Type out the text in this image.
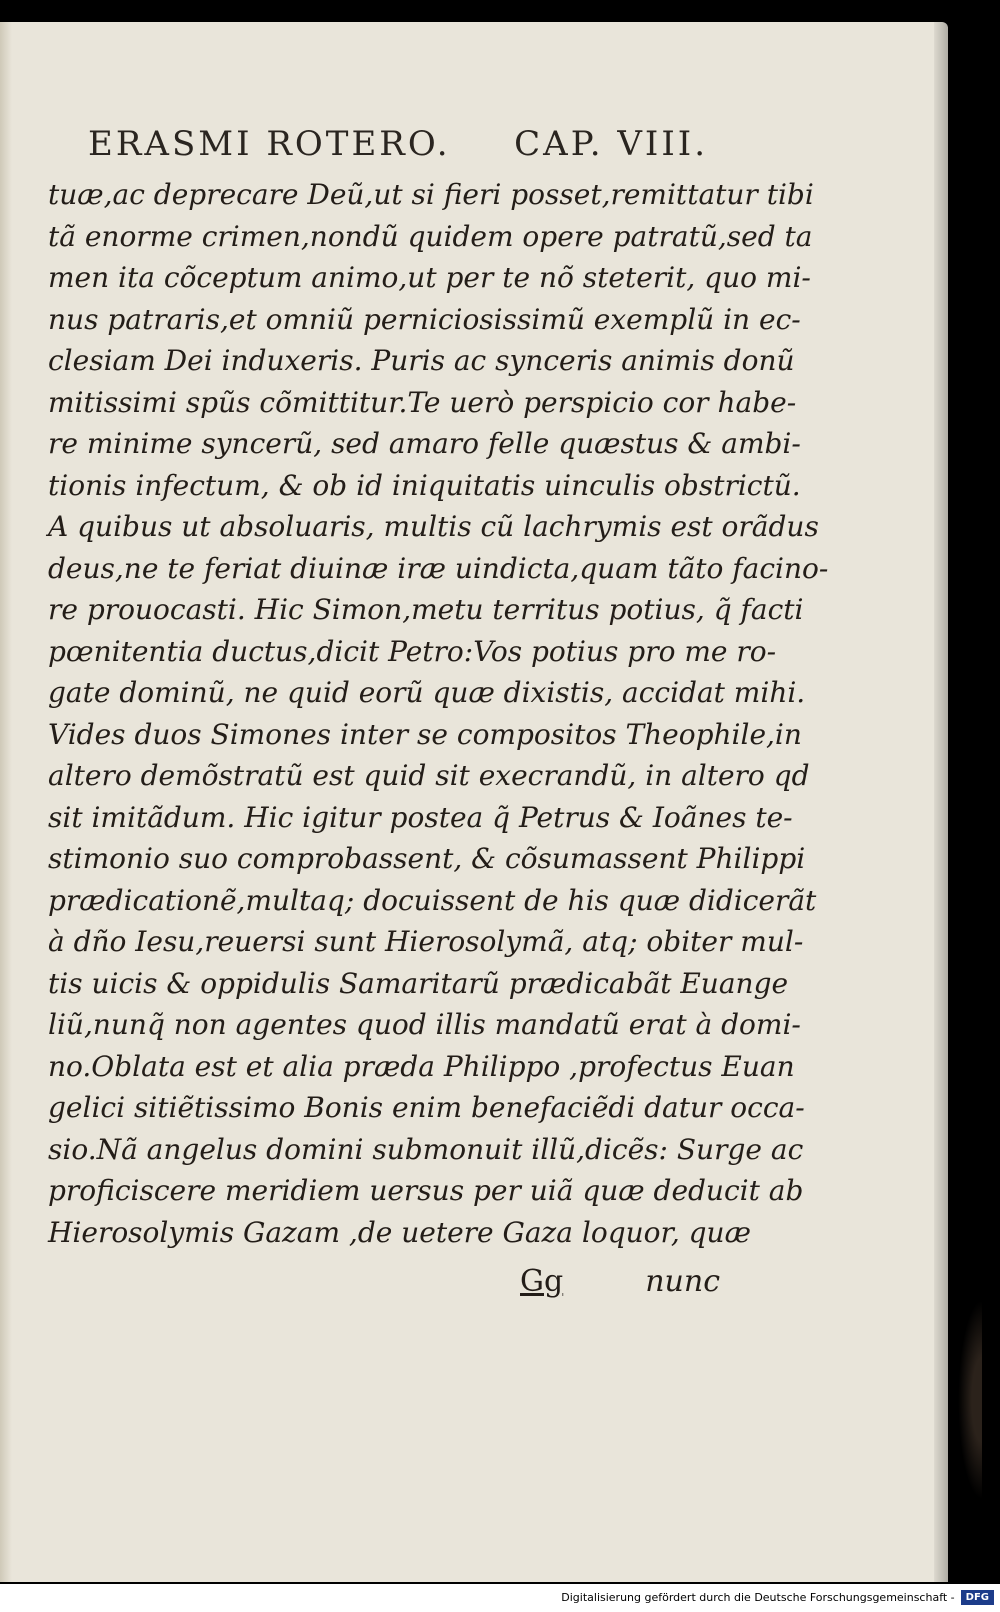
ERASMI ROTERO. CAP. VIII.
tuæ,ac deprecare Deũ,ut si fieri posset,remittatur tibi
tã enorme crimen,nondũ quidem opere patratũ,sed ta
men ita cõceptum animo,ut per te nõ steterit, quo mi-
nus patraris,et omniũ perniciosissimũ exemplũ in ec-
clesiam Dei induxeris. Puris ac synceris animis donũ
mitissimi spũs cõmittitur.Te uerò perspicio cor habe-
re minime syncerũ, sed amaro felle quæstus & ambi-
tionis infectum, & ob id iniquitatis uinculis obstrictũ.
A quibus ut absoluaris, multis cũ lachrymis est orãdus
deus,ne te feriat diuinæ iræ uindicta,quam tãto facino-
re prouocasti. Hic Simon,metu territus potius, q̃ facti
pœnitentia ductus,dicit Petro:Vos potius pro me ro-
gate dominũ, ne quid eorũ quæ dixistis, accidat mihi.
Vides duos Simones inter se compositos Theophile,in
altero demõstratũ est quid sit execrandũ, in altero qd
sit imitãdum. Hic igitur postea q̃ Petrus & Ioãnes te-
stimonio suo comprobassent, & cõsumassent Philippi
prædicationẽ,multaq; docuissent de his quæ didicerãt
à dño Iesu,reuersi sunt Hierosolymã, atq; obiter mul-
tis uicis & oppidulis Samaritarũ prædicabãt Euange
liũ,nunq̃ non agentes quod illis mandatũ erat à domi-
no.Oblata est et alia præda Philippo ,profectus Euan
gelici sitiẽtissimo Bonis enim benefaciẽdi datur occa-
sio.Nã angelus domini submonuit illũ,dicẽs: Surge ac
proficiscere meridiem uersus per uiã quæ deducit ab
Hierosolymis Gazam ,de uetere Gaza loquor, quæ
Gg	nunc
Digitalisierung gefördert durch die Deutsche Forschungsgemeinschaft -	DFG
